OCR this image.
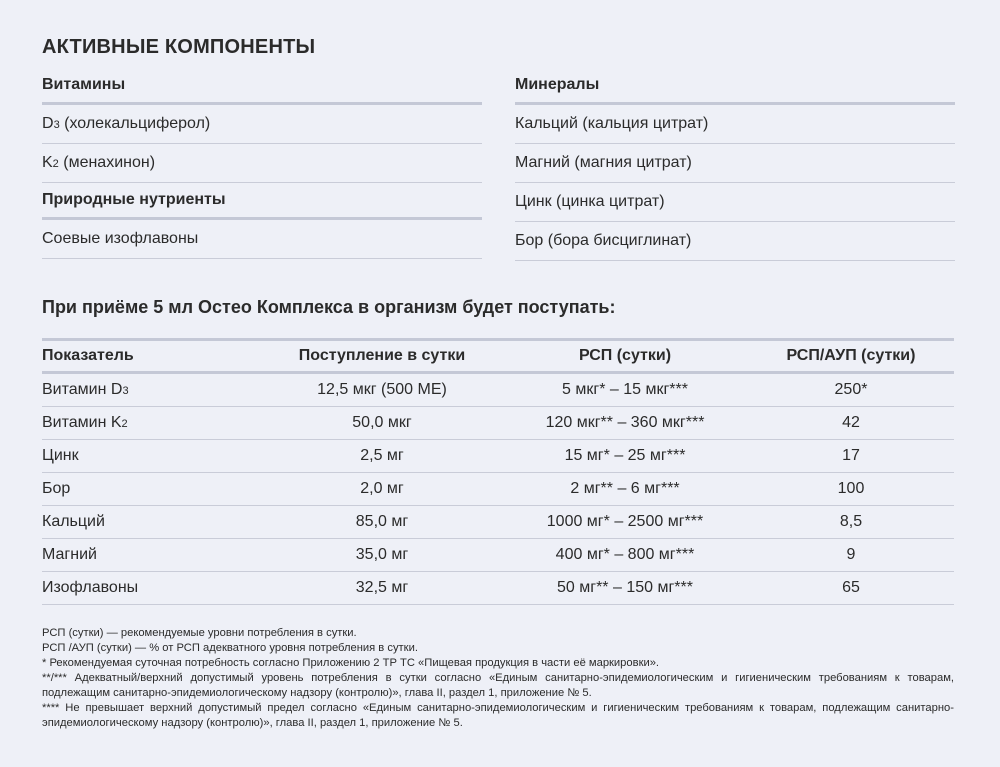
АКТИВНЫЕ КОМПОНЕНТЫ
Витамины
D3 (холекальциферол)
K2 (менахинон)
Природные нутриенты
Соевые изофлавоны
Минералы
Кальций (кальция цитрат)
Магний (магния цитрат)
Цинк (цинка цитрат)
Бор (бора бисциглинат)
При приёме 5 мл Остео Комплекса в организм будет поступать:
Показатель	Поступление в сутки	РСП (сутки)	РСП/АУП (сутки)
Витамин D3	12,5 мкг (500 МЕ)	5 мкг* – 15 мкг***	250*
Витамин K2	50,0 мкг	120 мкг** – 360 мкг***	42
Цинк	2,5 мг	15 мг* – 25 мг***	17
Бор	2,0 мг	2 мг** – 6 мг***	100
Кальций	85,0 мг	1000 мг* – 2500 мг***	8,5
Магний	35,0 мг	400 мг* – 800 мг***	9
Изофлавоны	32,5 мг	50 мг** – 150 мг***	65

РСП (сутки) — рекомендуемые уровни потребления в сутки.

РСП /АУП (сутки) — % от РСП адекватного уровня потребления в сутки.

* Рекомендуемая суточная потребность согласно Приложению 2 ТР ТС «Пищевая продукция в части её маркировки».

**/*** Адекватный/верхний допустимый уровень потребления в сутки согласно «Единым санитарно-эпидемиологическим и гигиеническим требованиям к товарам, подлежащим санитарно-эпидемиологическому надзору (контролю)», глава II, раздел 1, приложение № 5.

**** Не превышает верхний допустимый предел согласно «Единым санитарно-эпидемиологическим и гигиеническим требованиям к товарам, подлежащим санитарно-эпидемиологическому надзору (контролю)», глава II, раздел 1, приложение № 5.
